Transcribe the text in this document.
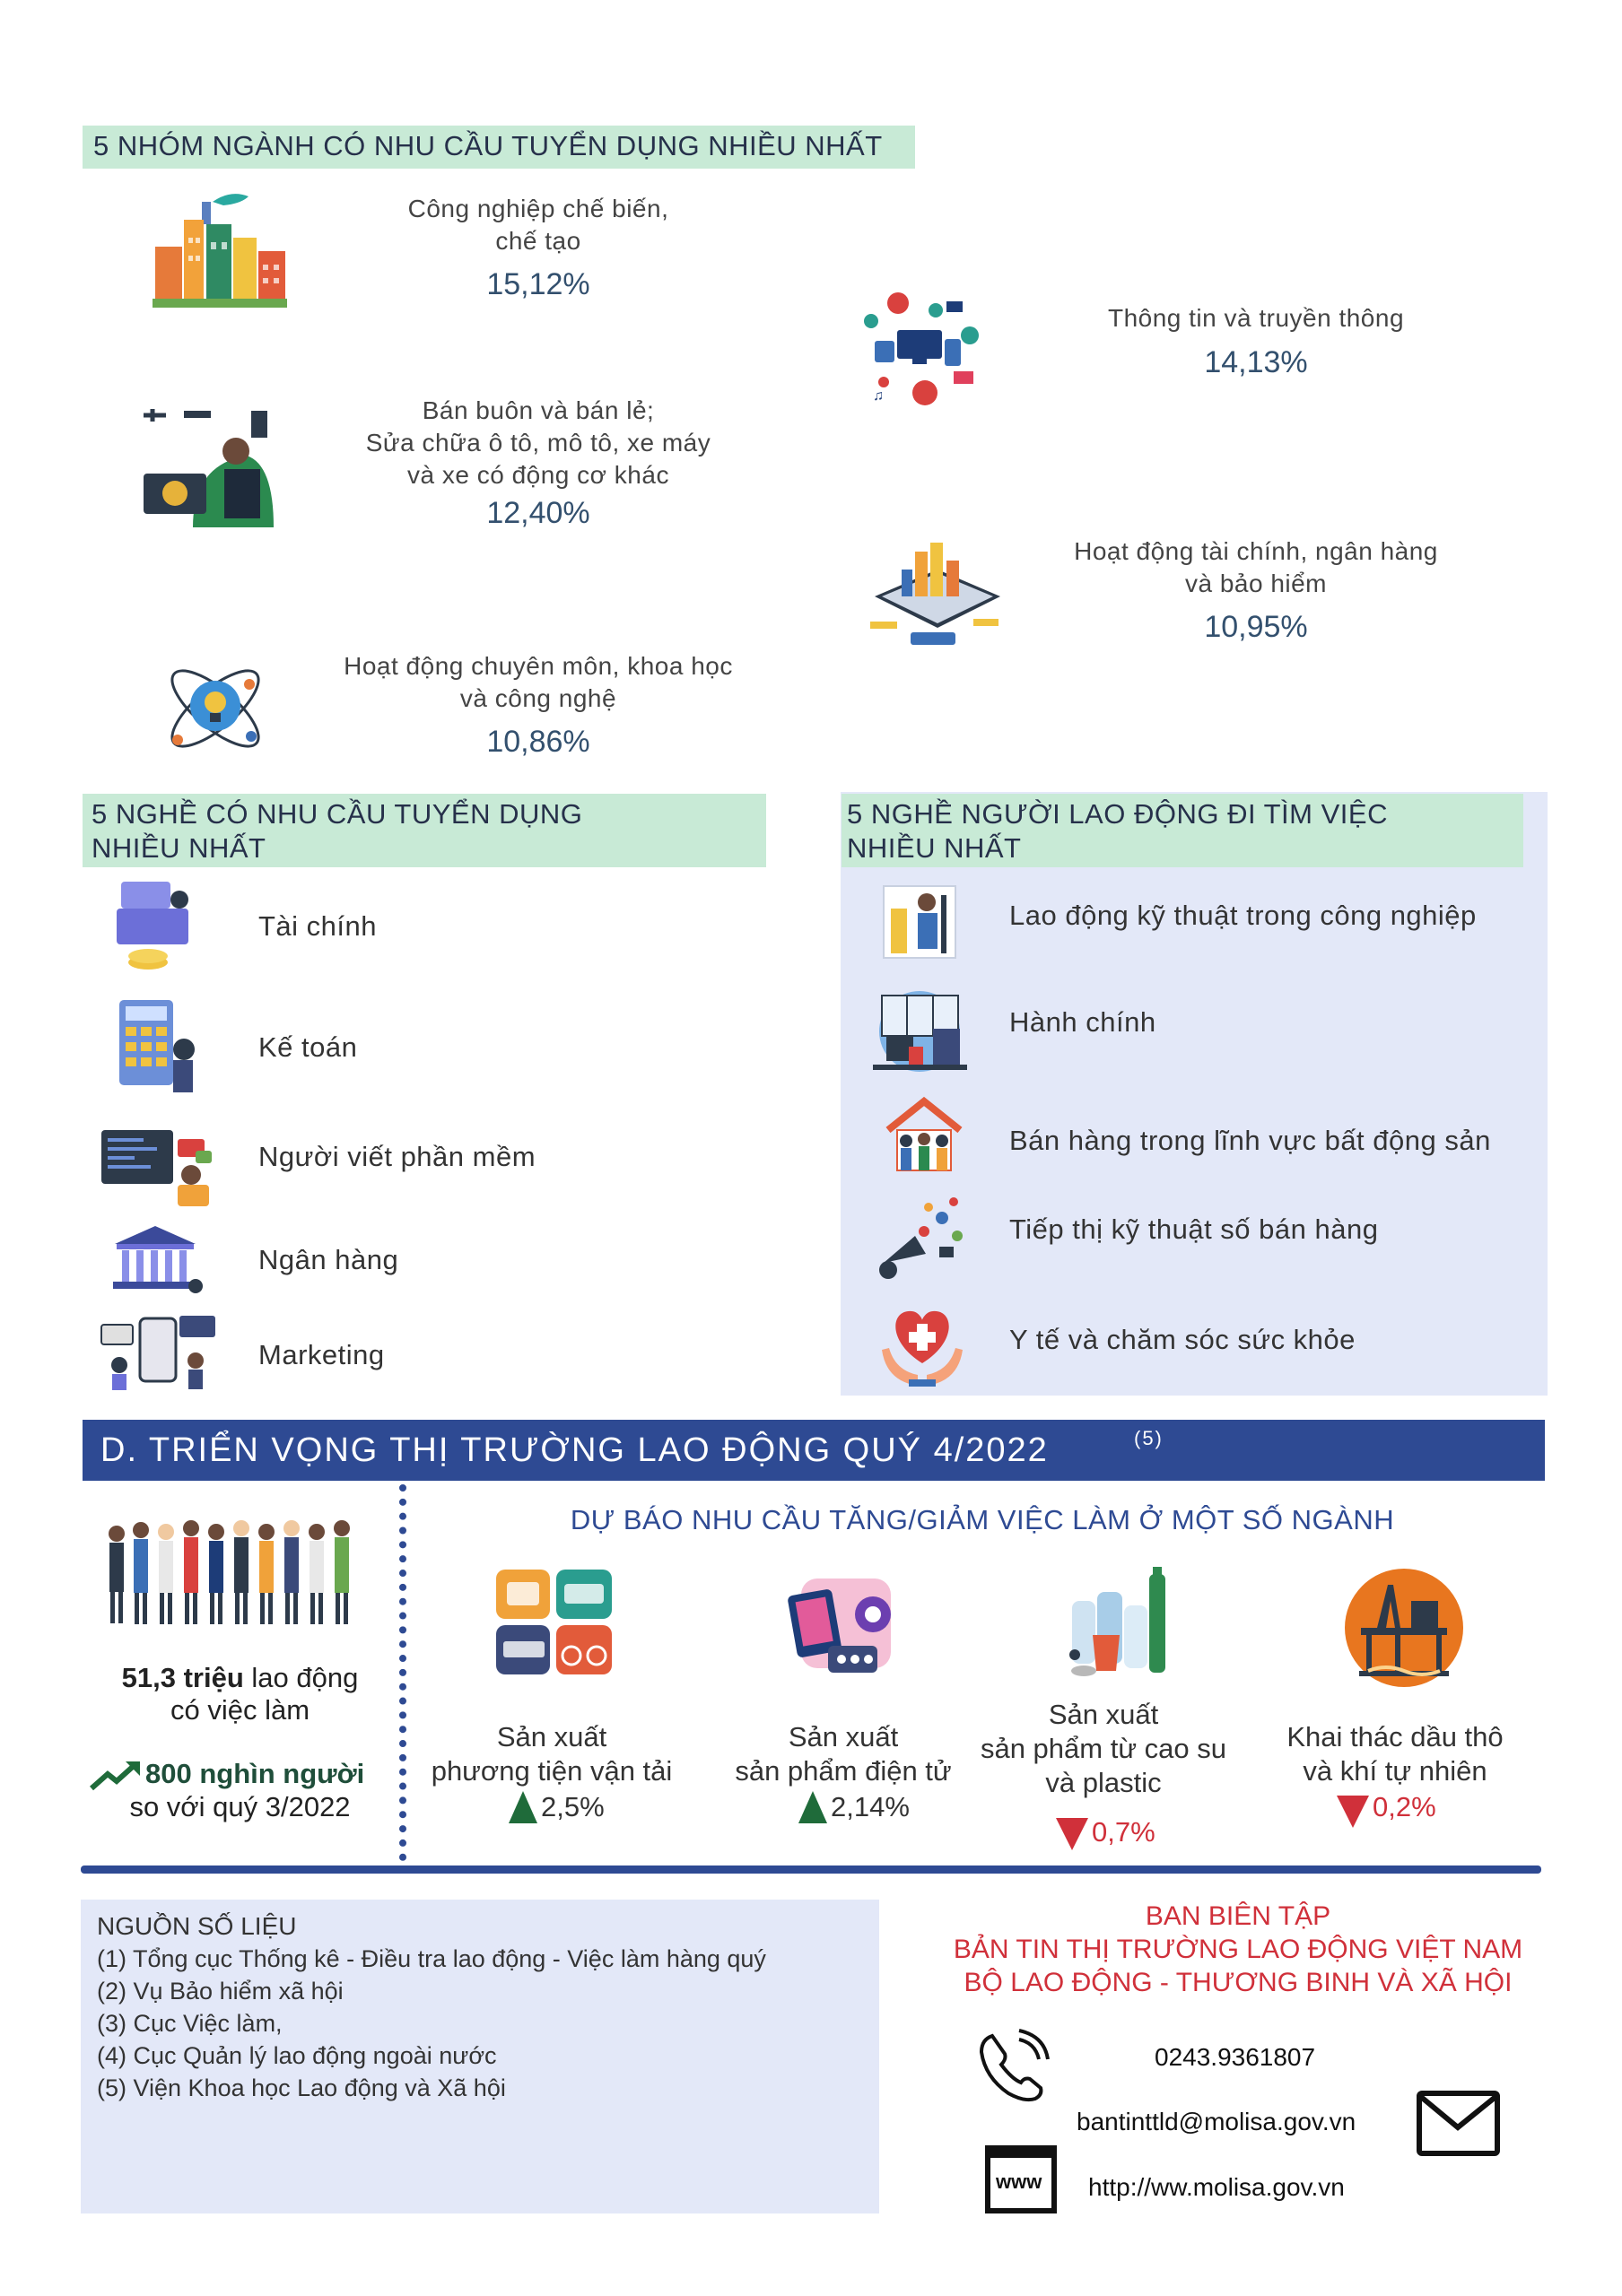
5 NHÓM NGÀNH CÓ NHU CẦU TUYỂN DỤNG NHIỀU NHẤT
Công nghiệp chế biến,
chế tạo
15,12%
♫
Thông tin và truyền thông
14,13%
Bán buôn và bán lẻ;
Sửa chữa ô tô, mô tô, xe máy
và xe có động cơ khác
12,40%
Hoạt động tài chính, ngân hàng
và bảo hiểm
10,95%
Hoạt động chuyên môn, khoa học
và công nghệ
10,86%
5 NGHỀ CÓ NHU CẦU TUYỂN DỤNG
NHIỀU NHẤT
5 NGHỀ NGƯỜI LAO ĐỘNG ĐI TÌM VIỆC
NHIỀU NHẤT
Tài chính
Kế toán
Người viết phần mềm
Ngân hàng
Marketing
Lao động kỹ thuật trong công nghiệp
Hành chính
Bán hàng trong lĩnh vực bất động sản
Tiếp thị kỹ thuật số bán hàng
Y tế và chăm sóc sức khỏe
D. TRIỂN VỌNG THỊ TRƯỜNG LAO ĐỘNG QUÝ 4/2022	(5)
51,3 triệu lao động
có việc làm
800 nghìn người
so với quý 3/2022
DỰ BÁO NHU CẦU TĂNG/GIẢM VIỆC LÀM Ở MỘT SỐ NGÀNH
Sản xuất
phương tiện vận tải
2,5%
Sản xuất
sản phẩm điện tử
2,14%
Sản xuất
sản phẩm từ cao su
và plastic
0,7%
Khai thác dầu thô
và khí tự nhiên
0,2%
NGUỒN SỐ LIỆU
(1) Tổng cục Thống kê - Điều tra lao động - Việc làm hàng quý
(2) Vụ Bảo hiểm xã hội
(3) Cục Việc làm,
(4) Cục Quản lý lao động ngoài nước
(5) Viện Khoa học Lao động và Xã hội
BAN BIÊN TẬP
BẢN TIN THỊ TRƯỜNG LAO ĐỘNG VIỆT NAM
BỘ LAO ĐỘNG - THƯƠNG BINH VÀ XÃ HỘI
0243.9361807
bantinttld@molisa.gov.vn
www http://ww.molisa.gov.vn
